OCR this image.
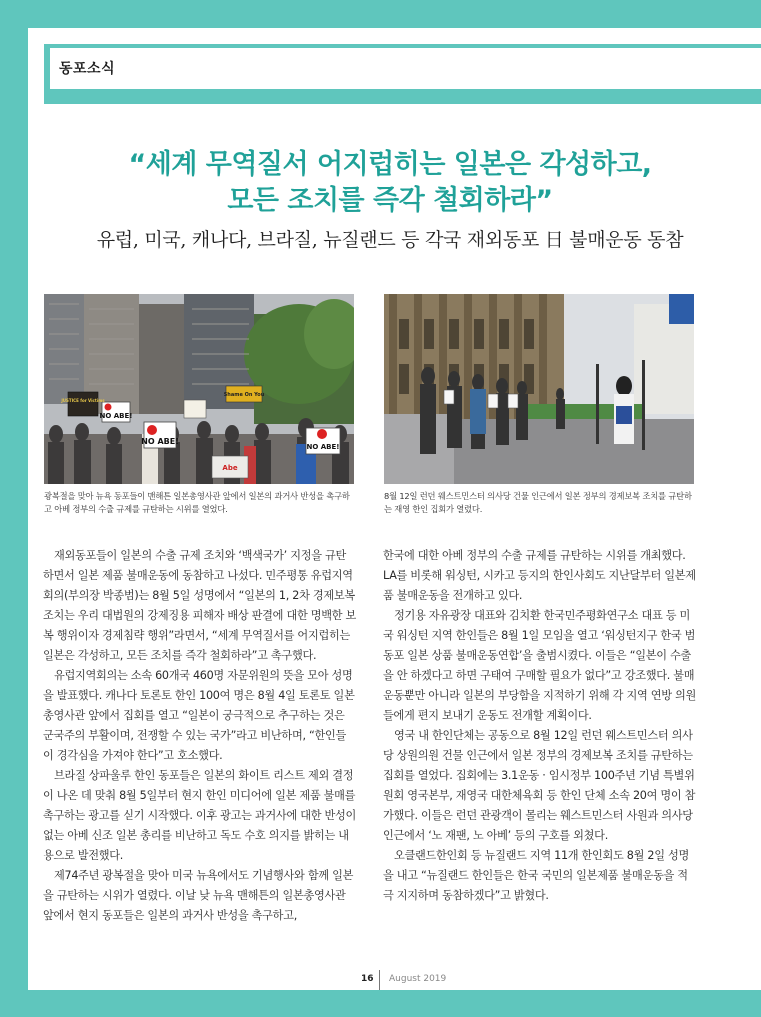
동포소식
“세계 무역질서 어지럽히는 일본은 각성하고,
모든 조치를 즉각 철회하라”
유럽, 미국, 캐나다, 브라질, 뉴질랜드 등 각국 재외동포 日 불매운동 동참
NO ABE!
NO ABE!
NO ABE!
JUSTICE for Victims
Shame On You
Abe
광복절을 맞아 뉴욕 동포들이 맨해튼 일본총영사관 앞에서 일본의 과거사 반성을 촉구하고 아베 정부의 수출 규제를 규탄하는 시위를 열었다.
8월 12일 런던 웨스트민스터 의사당 건물 인근에서 일본 정부의 경제보복 조치를 규탄하는 재영 한인 집회가 열렸다.

재외동포들이 일본의 수출 규제 조치와 ‘백색국가’ 지정을 규탄하면서 일본 제품 불매운동에 동참하고 나섰다. 민주평통 유럽지역회의(부의장 박종범)는 8월 5일 성명에서 “일본의 1, 2차 경제보복 조치는 우리 대법원의 강제징용 피해자 배상 판결에 대한 명백한 보복 행위이자 경제침략 행위”라면서, “세계 무역질서를 어지럽히는 일본은 각성하고, 모든 조치를 즉각 철회하라”고 촉구했다.

유럽지역회의는 소속 60개국 460명 자문위원의 뜻을 모아 성명을 발표했다. 캐나다 토론토 한인 100여 명은 8월 4일 토론토 일본총영사관 앞에서 집회를 열고 “일본이 궁극적으로 추구하는 것은 군국주의 부활이며, 전쟁할 수 있는 국가”라고 비난하며, “한인들이 경각심을 가져야 한다”고 호소했다.

브라질 상파울루 한인 동포들은 일본의 화이트 리스트 제외 결정이 나온 데 맞춰 8월 5일부터 현지 한인 미디어에 일본 제품 불매를 촉구하는 광고를 싣기 시작했다. 이후 광고는 과거사에 대한 반성이 없는 아베 신조 일본 총리를 비난하고 독도 수호 의지를 밝히는 내용으로 발전했다.

제74주년 광복절을 맞아 미국 뉴욕에서도 기념행사와 함께 일본을 규탄하는 시위가 열렸다. 이날 낮 뉴욕 맨해튼의 일본총영사관 앞에서 현지 동포들은 일본의 과거사 반성을 촉구하고,

한국에 대한 아베 정부의 수출 규제를 규탄하는 시위를 개최했다. LA를 비롯해 워싱턴, 시카고 등지의 한인사회도 지난달부터 일본제품 불매운동을 전개하고 있다.

정기용 자유광장 대표와 김치환 한국민주평화연구소 대표 등 미국 워싱턴 지역 한인들은 8월 1일 모임을 열고 ‘워싱턴지구 한국 범 동포 일본 상품 불매운동연합’을 출범시켰다. 이들은 “일본이 수출을 안 하겠다고 하면 구태여 구매할 필요가 없다”고 강조했다. 불매운동뿐만 아니라 일본의 부당함을 지적하기 위해 각 지역 연방 의원들에게 편지 보내기 운동도 전개할 계획이다.

영국 내 한인단체는 공동으로 8월 12일 런던 웨스트민스터 의사당 상원의원 건물 인근에서 일본 정부의 경제보복 조치를 규탄하는 집회를 열었다. 집회에는 3.1운동 · 임시정부 100주년 기념 특별위원회 영국본부, 재영국 대한체육회 등 한인 단체 소속 20여 명이 참가했다. 이들은 런던 관광객이 몰리는 웨스트민스터 사원과 의사당 인근에서 ‘노 재팬, 노 아베’ 등의 구호를 외쳤다.

오클랜드한인회 등 뉴질랜드 지역 11개 한인회도 8월 2일 성명을 내고 “뉴질랜드 한인들은 한국 국민의 일본제품 불매운동을 적극 지지하며 동참하겠다”고 밝혔다.

16 August 2019
